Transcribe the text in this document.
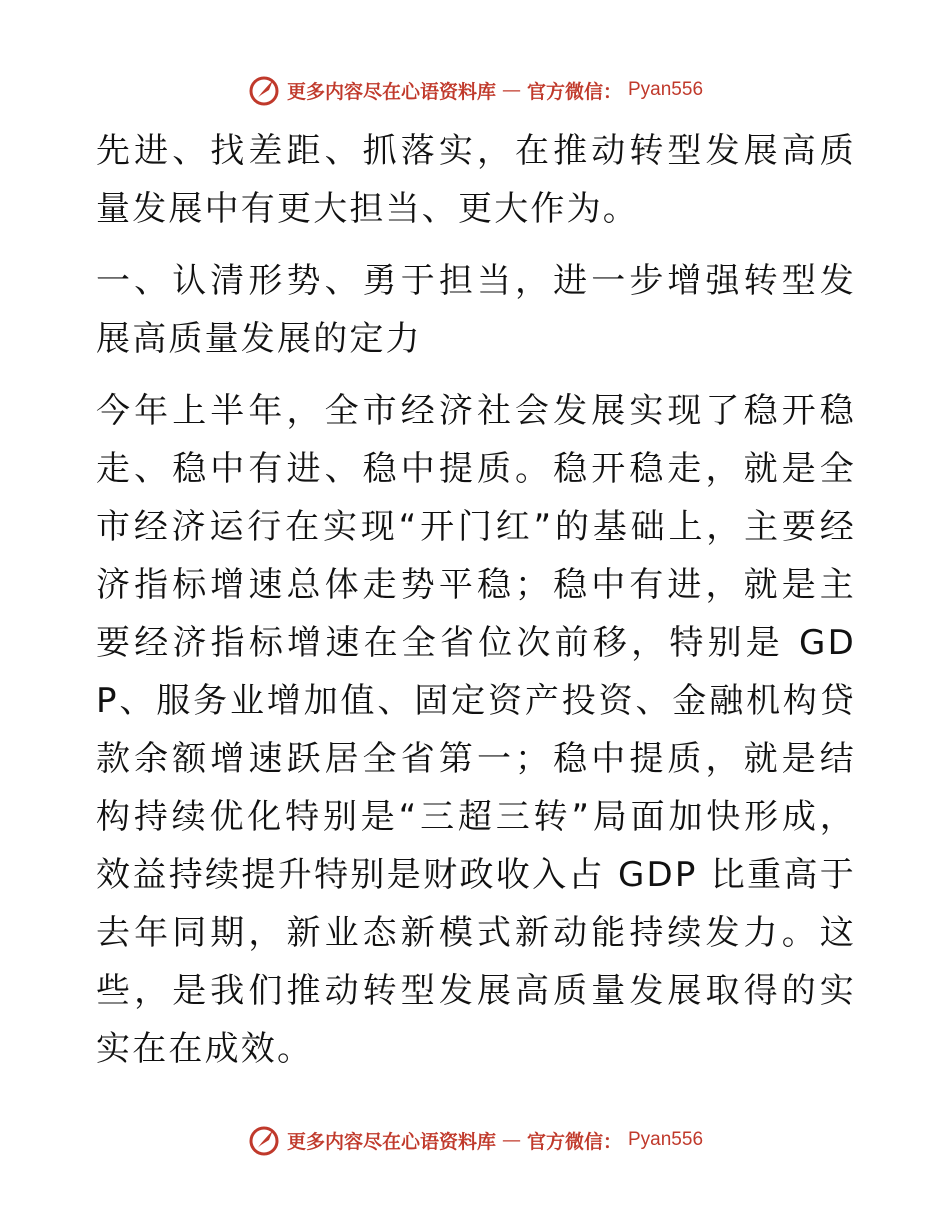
更多内容尽在心语资料库 — 官方微信： Pyan556

先进、找差距、抓落实，在推动转型发展高质量发展中有更大担当、更大作为。

一、认清形势、勇于担当，进一步增强转型发展高质量发展的定力

今年上半年，全市经济社会发展实现了稳开稳走、稳中有进、稳中提质。稳开稳走，就是全市经济运行在实现“开门红”的基础上，主要经济指标增速总体走势平稳；稳中有进，就是主要经济指标增速在全省位次前移，特别是 GDP、服务业增加值、固定资产投资、金融机构贷款余额增速跃居全省第一；稳中提质，就是结构持续优化特别是“三超三转”局面加快形成，效益持续提升特别是财政收入占 GDP 比重高于去年同期，新业态新模式新动能持续发力。这些，是我们推动转型发展高质量发展取得的实实在在成效。

更多内容尽在心语资料库 — 官方微信： Pyan556
